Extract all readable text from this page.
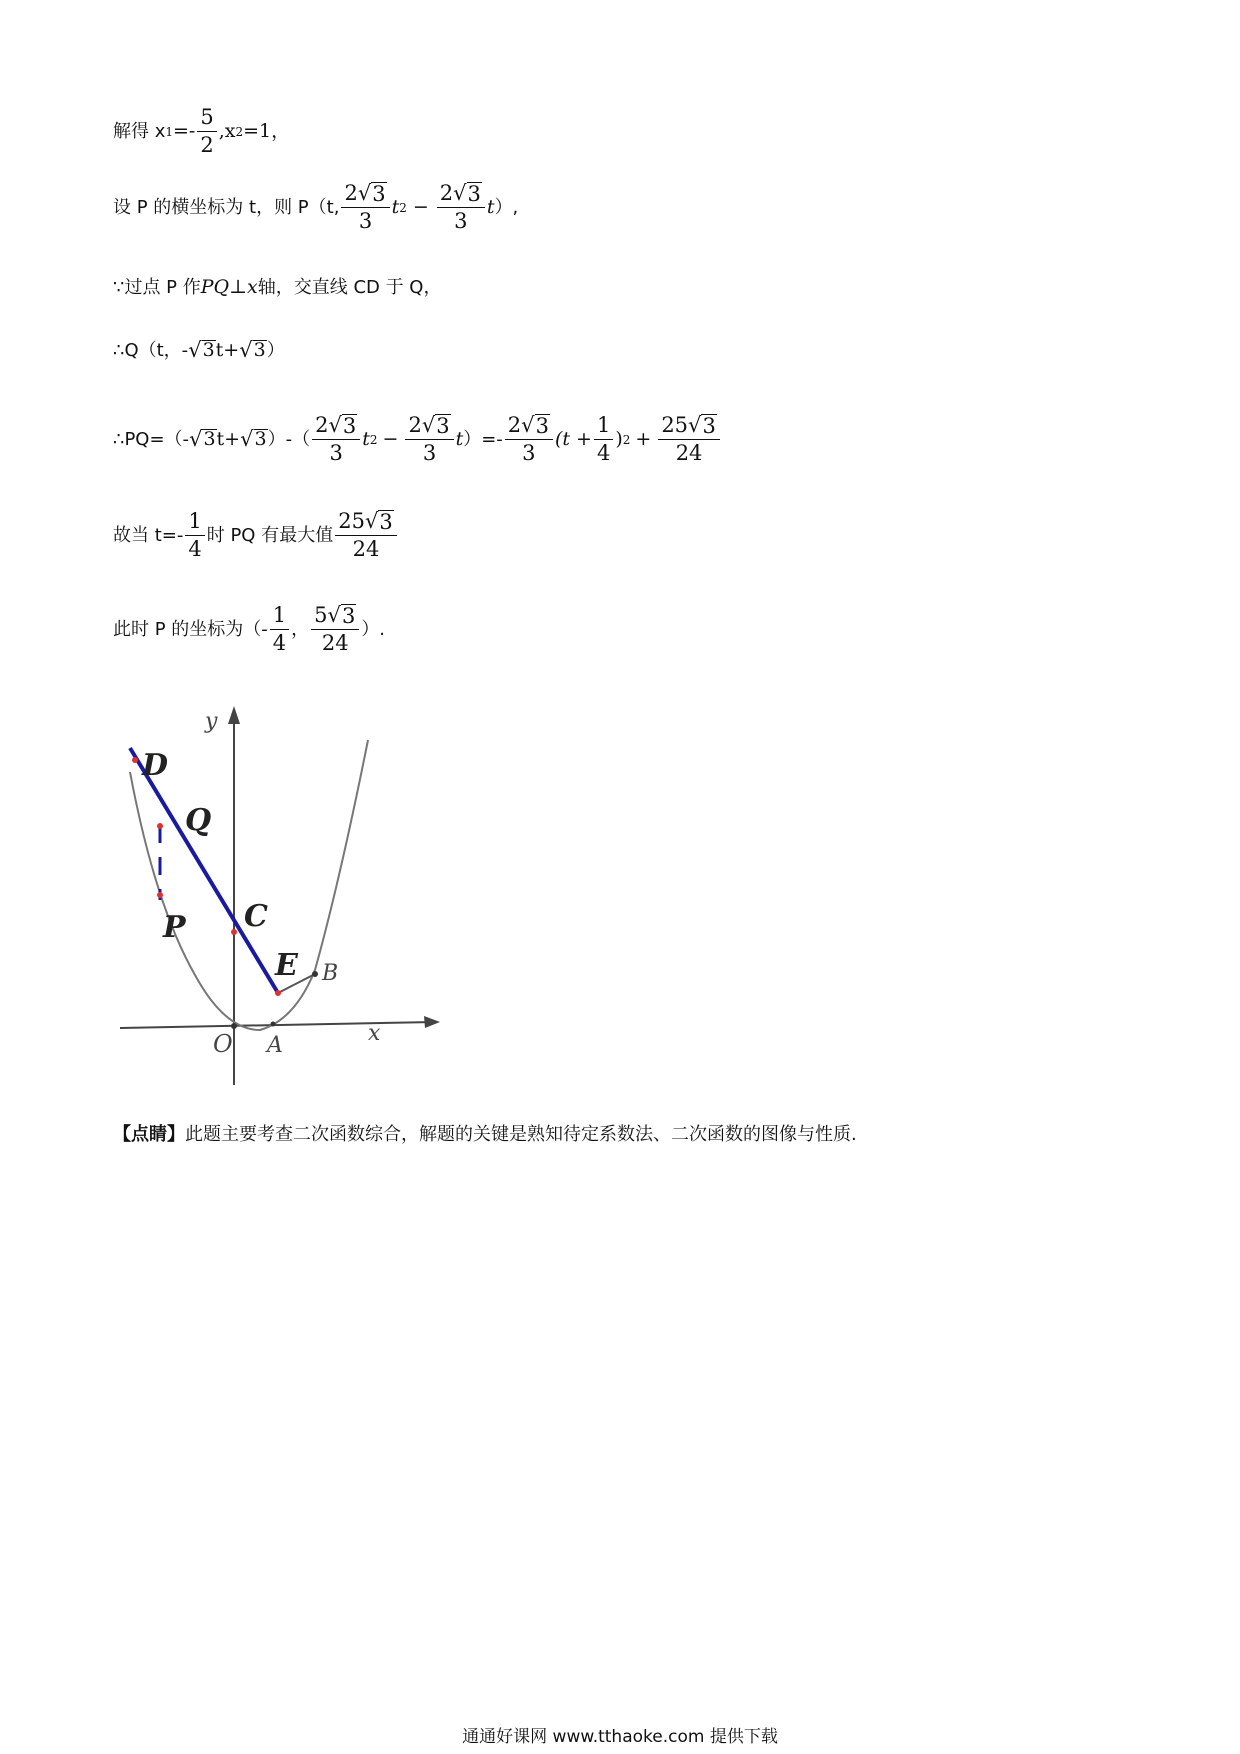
解得 x $1 =- \frac{5}{2} ,x$ 2 =1，
设 P 的横坐标为 t，则 P（t, $\frac{2 √ 3}{3}$ t $2 - \frac{2 √ 3}{3}$ t ）,
∵过点 P 作 PQ ⊥ x 轴，交直线 CD 于 Q，
∴Q（t，- √ 3 t+ √ 3 ）
∴PQ=（- √ 3 t+ √ 3 ）-（ $\frac{2 √ 3}{3}$ t $2 - \frac{2 √ 3}{3}$ t ）=- $\frac{2 √ 3}{3} (t + \frac{1}{4}$ ) $2 + \frac{25 √ 3}{24}$
故当 $t=- \frac{1}{4}$ 时 PQ 有最大值 $\frac{25 √ 3}{24}$
此时 P 的坐标为（- $\frac{1}{4}$ ， $\frac{5 √ 3}{24}$ ）.
y
x
O A
B
C
D
E
P
Q
【点睛】 此题主要考查二次函数综合，解题的关键是熟知待定系数法、二次函数的图像与性质.
通通好课网 www.tthaoke.com 提供下载
